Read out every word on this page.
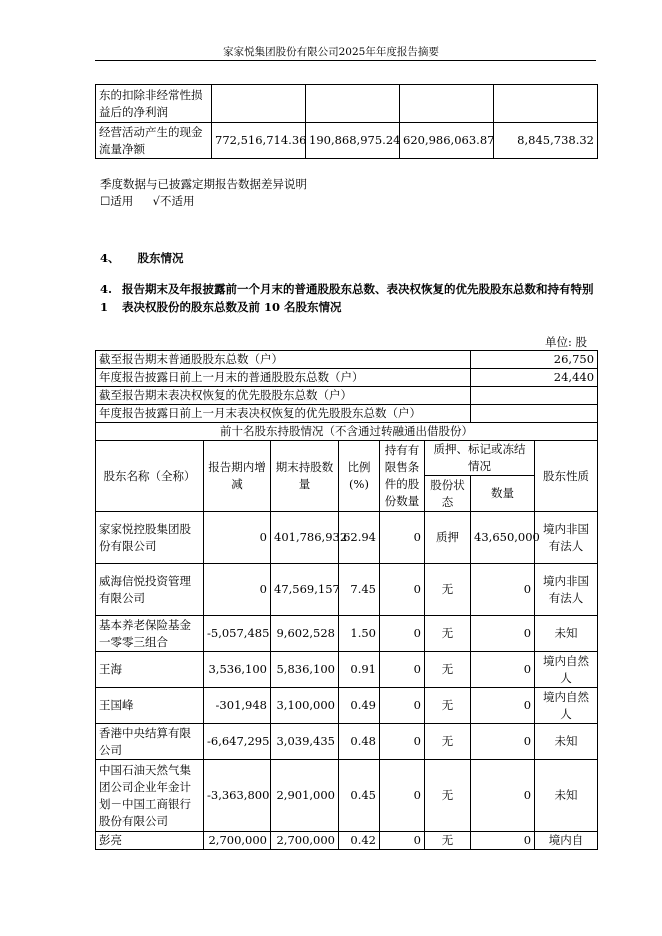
家家悦集团股份有限公司2025年年度报告摘要
东的扣除非经常性损益后的净利润				
经营活动产生的现金流量净额	772,516,714.36	190,868,975.24	620,986,063.87	8,845,738.32
季度数据与已披露定期报告数据差异说明
☐适用 √不适用
4、 股东情况
4. 1
报告期末及年报披露前一个月末的普通股股东总数、表决权恢复的优先股股东总数和持有特别表决权股份的股东总数及前 10 名股东情况
单位: 股
截至报告期末普通股股东总数（户）						26,750	
年度报告披露日前上一月末的普通股股东总数（户）						24,440	
截至报告期末表决权恢复的优先股股东总数（户）							
年度报告披露日前上一月末表决权恢复的优先股股东总数（户）							
前十名股东持股情况（不含通过转融通出借股份）							
股东名称（全称）	报告期内增减	期末持股数量	比例(%)	持有有限售条件的股份数量	质押、标记或冻结情况		股东性质
					股份状态	数量	
家家悦控股集团股份有限公司	0	401,786,932	62.94	0	质押	43,650,000	境内非国有法人
威海信悦投资管理有限公司	0	47,569,157	7.45	0	无	0	境内非国有法人
基本养老保险基金一零零三组合	-5,057,485	9,602,528	1.50	0	无	0	未知
王海	3,536,100	5,836,100	0.91	0	无	0	境内自然人
王国峰	-301,948	3,100,000	0.49	0	无	0	境内自然人
香港中央结算有限公司	-6,647,295	3,039,435	0.48	0	无	0	未知
中国石油天然气集团公司企业年金计划－中国工商银行股份有限公司	-3,363,800	2,901,000	0.45	0	无	0	未知
彭亮	2,700,000	2,700,000	0.42	0	无	0	境内自
